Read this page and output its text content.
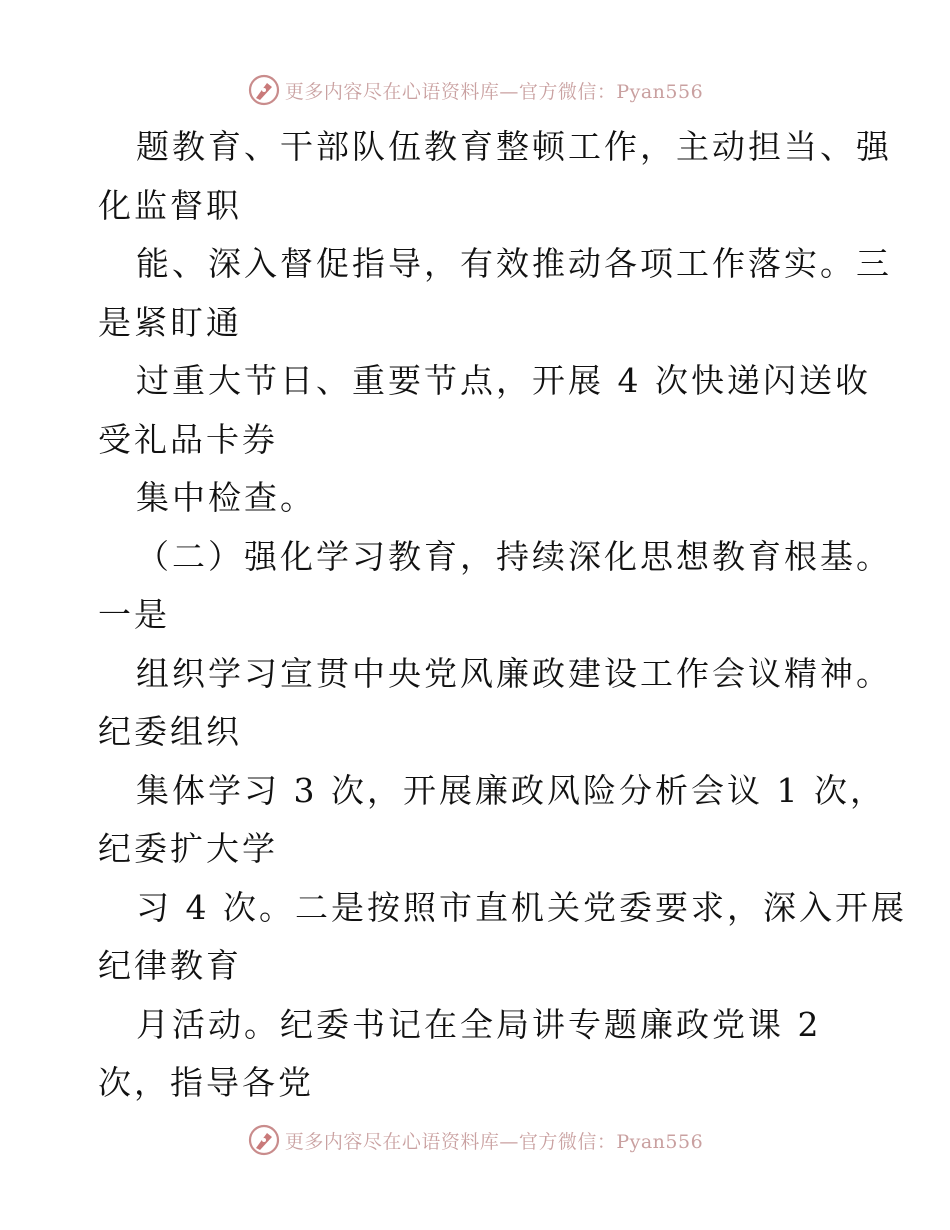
更多内容尽在心语资料库—官方微信：Pyan556
题教育、干部队伍教育整顿工作，主动担当、强
化监督职
能、深入督促指导，有效推动各项工作落实。三
是紧盯通
过重大节日、重要节点，开展 4 次快递闪送收
受礼品卡券
集中检查。
（二）强化学习教育，持续深化思想教育根基。
一是
组织学习宣贯中央党风廉政建设工作会议精神。
纪委组织
集体学习 3 次，开展廉政风险分析会议 1 次，
纪委扩大学
习 4 次。二是按照市直机关党委要求，深入开展
纪律教育
月活动。纪委书记在全局讲专题廉政党课 2
次，指导各党
更多内容尽在心语资料库—官方微信：Pyan556
